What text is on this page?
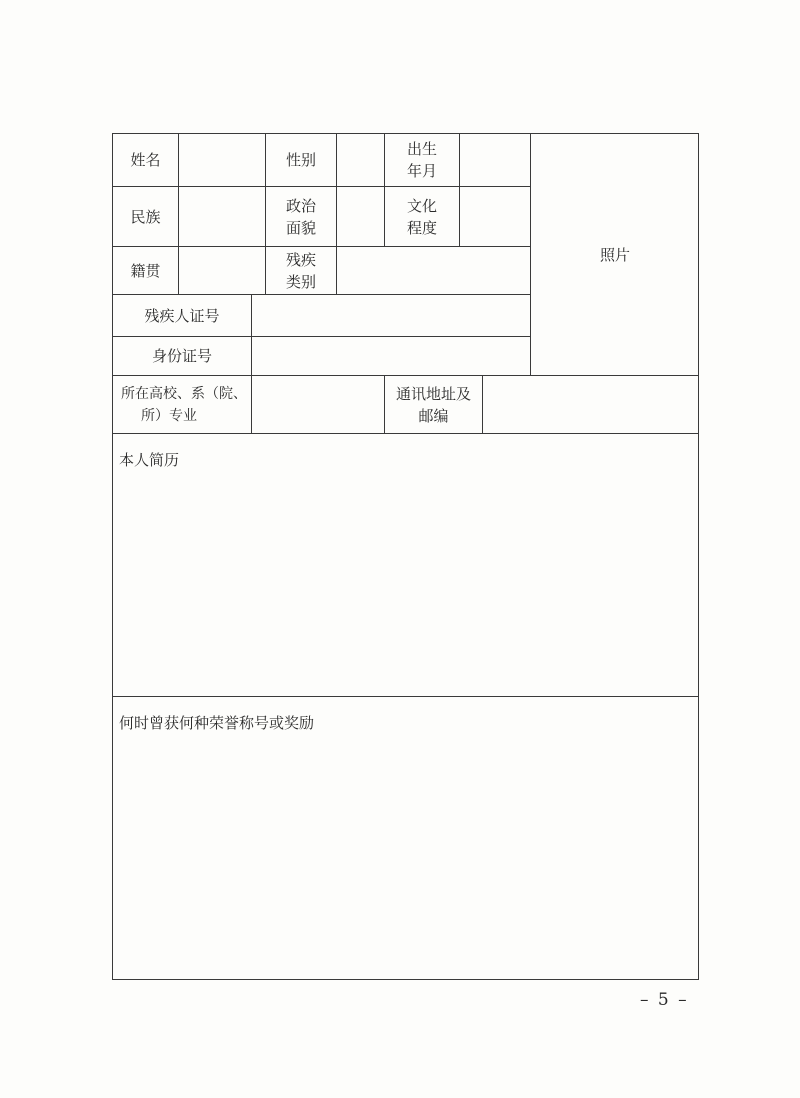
姓名	性别
出生
年月
照片
民族
政治
面貌
文化
程度
籍贯
残疾
类别
残疾人证号
身份证号
所在高校、系（院、
所）专业
通讯地址及
邮编
本人简历
何时曾获何种荣誉称号或奖励
– 5 –
